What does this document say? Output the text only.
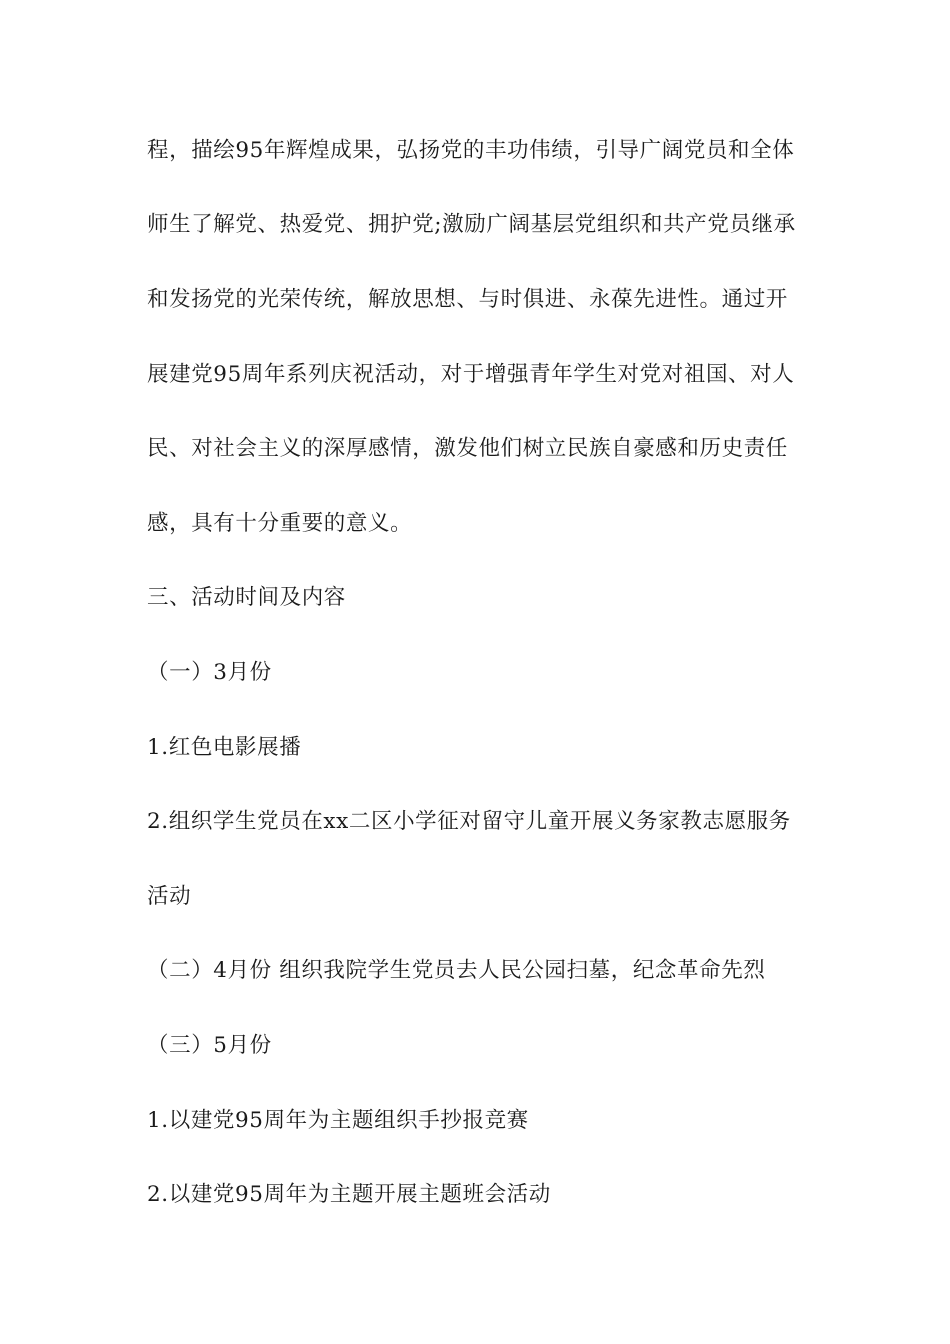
程，描绘95年辉煌成果，弘扬党的丰功伟绩，引导广阔党员和全体
师生了解党、热爱党、拥护党;激励广阔基层党组织和共产党员继承
和发扬党的光荣传统，解放思想、与时俱进、永葆先进性。通过开
展建党95周年系列庆祝活动，对于增强青年学生对党对祖国、对人
民、对社会主义的深厚感情，激发他们树立民族自豪感和历史责任
感，具有十分重要的意义。
三、活动时间及内容
（一）3月份
1.红色电影展播
2.组织学生党员在xx二区小学征对留守儿童开展义务家教志愿服务
活动
（二）4月份 组织我院学生党员去人民公园扫墓，纪念革命先烈
（三）5月份
1.以建党95周年为主题组织手抄报竞赛
2.以建党95周年为主题开展主题班会活动
